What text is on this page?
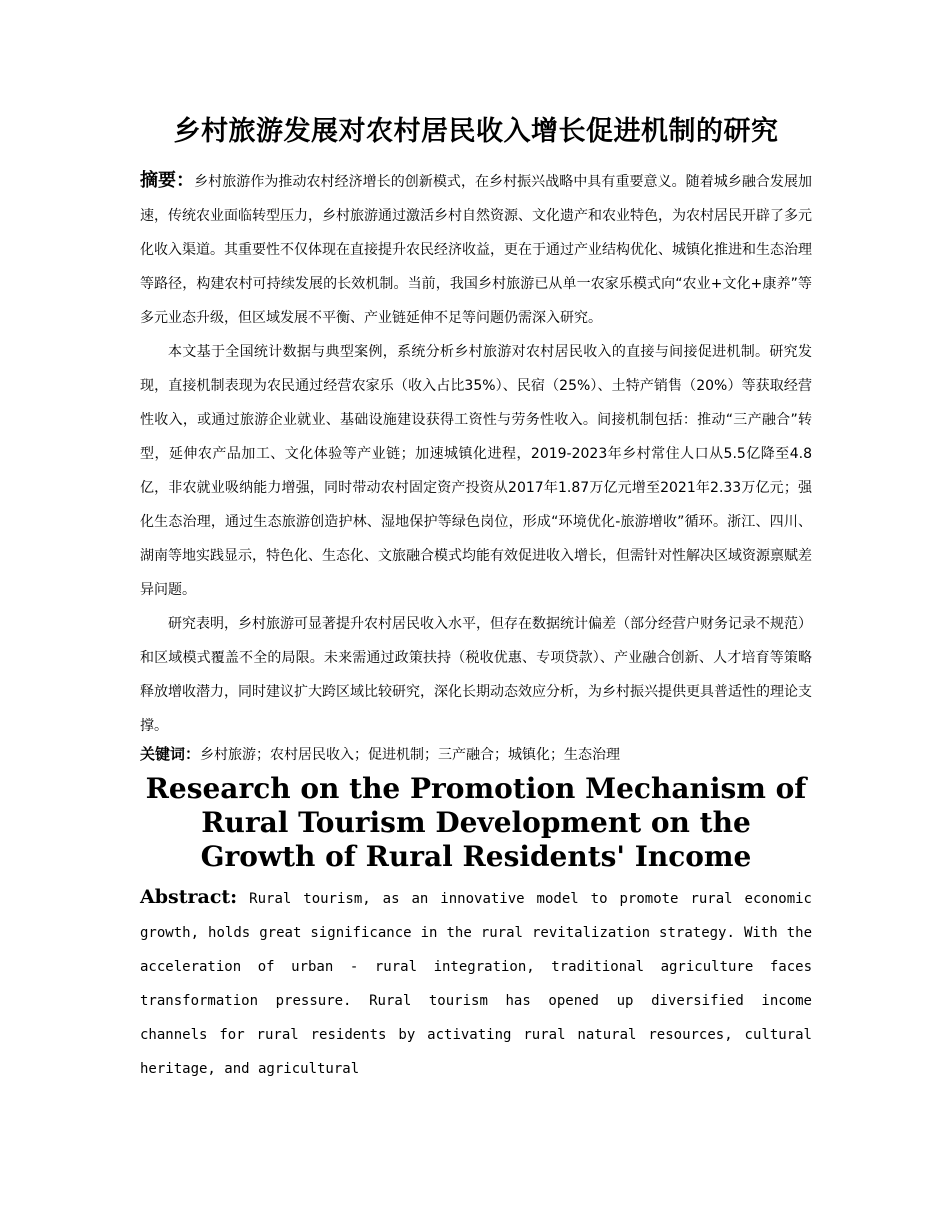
乡村旅游发展对农村居民收入增长促进机制的研究

摘要：乡村旅游作为推动农村经济增长的创新模式，在乡村振兴战略中具有重要意义。随着城乡融合发展加速，传统农业面临转型压力，乡村旅游通过激活乡村自然资源、文化遗产和农业特色，为农村居民开辟了多元化收入渠道。其重要性不仅体现在直接提升农民经济收益，更在于通过产业结构优化、城镇化推进和生态治理等路径，构建农村可持续发展的长效机制。当前，我国乡村旅游已从单一农家乐模式向“农业+文化+康养”等多元业态升级，但区域发展不平衡、产业链延伸不足等问题仍需深入研究。

本文基于全国统计数据与典型案例，系统分析乡村旅游对农村居民收入的直接与间接促进机制。研究发现，直接机制表现为农民通过经营农家乐（收入占比35%）、民宿（25%）、土特产销售（20%）等获取经营性收入，或通过旅游企业就业、基础设施建设获得工资性与劳务性收入。间接机制包括：推动“三产融合”转型，延伸农产品加工、文化体验等产业链；加速城镇化进程，2019-2023年乡村常住人口从5.5亿降至4.8亿，非农就业吸纳能力增强，同时带动农村固定资产投资从2017年1.87万亿元增至2021年2.33万亿元；强化生态治理，通过生态旅游创造护林、湿地保护等绿色岗位，形成“环境优化-旅游增收”循环。浙江、四川、湖南等地实践显示，特色化、生态化、文旅融合模式均能有效促进收入增长，但需针对性解决区域资源禀赋差异问题。

研究表明，乡村旅游可显著提升农村居民收入水平，但存在数据统计偏差（部分经营户财务记录不规范）和区域模式覆盖不全的局限。未来需通过政策扶持（税收优惠、专项贷款）、产业融合创新、人才培育等策略释放增收潜力，同时建议扩大跨区域比较研究，深化长期动态效应分析，为乡村振兴提供更具普适性的理论支撑。

关键词：乡村旅游；农村居民收入；促进机制；三产融合；城镇化；生态治理

Research on the Promotion Mechanism of Rural Tourism Development on the Growth of Rural Residents' Income

Abstract: Rural tourism, as an innovative model to promote rural economic growth, holds great significance in the rural revitalization strategy. With the acceleration of urban - rural integration, traditional agriculture faces transformation pressure. Rural tourism has opened up diversified income channels for rural residents by activating rural natural resources, cultural heritage, and agricultural
